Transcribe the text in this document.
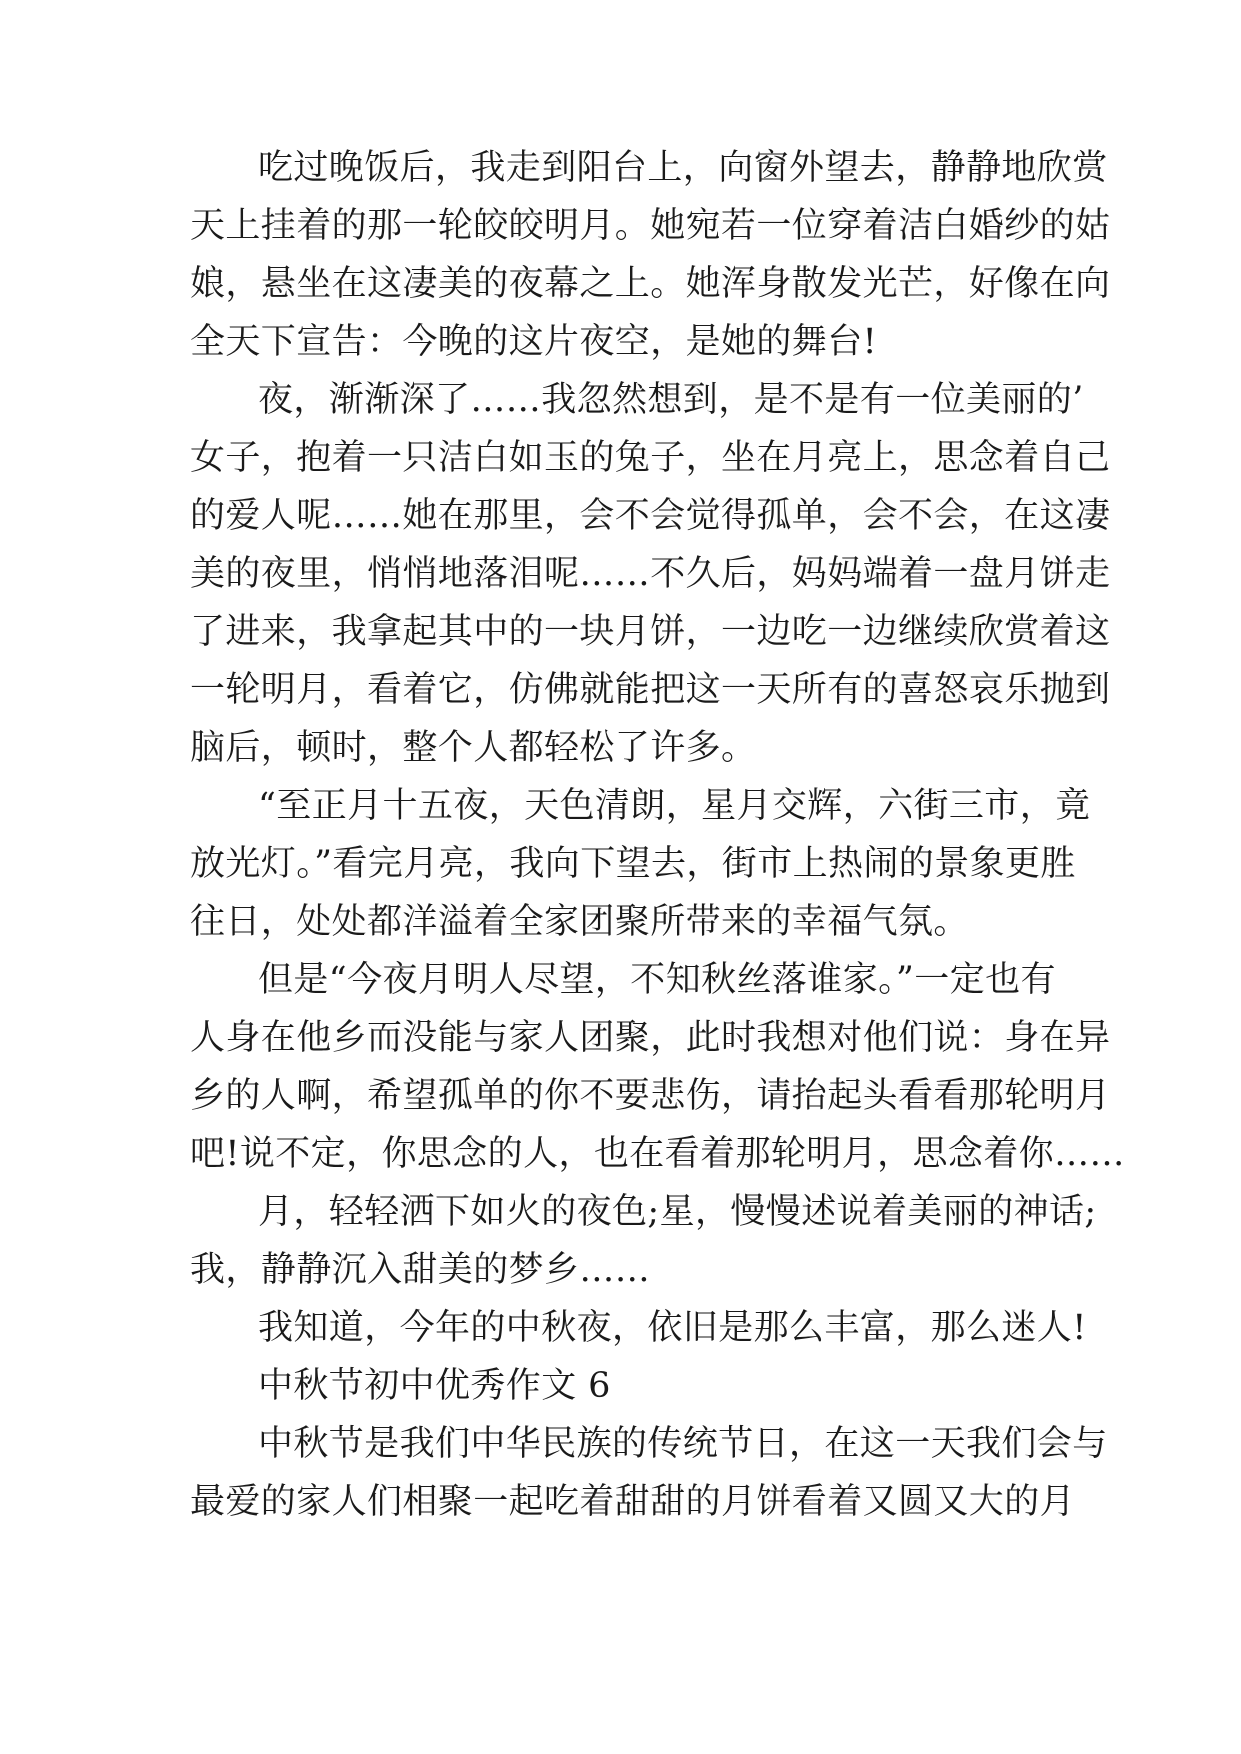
吃过晚饭后，我走到阳台上，向窗外望去，静静地欣赏
天上挂着的那一轮皎皎明月。她宛若一位穿着洁白婚纱的姑
娘，悬坐在这凄美的夜幕之上。她浑身散发光芒，好像在向
全天下宣告：今晚的这片夜空，是她的舞台!
夜，渐渐深了……我忽然想到，是不是有一位美丽的’
女子，抱着一只洁白如玉的兔子，坐在月亮上，思念着自己
的爱人呢……她在那里，会不会觉得孤单，会不会，在这凄
美的夜里，悄悄地落泪呢……不久后，妈妈端着一盘月饼走
了进来，我拿起其中的一块月饼，一边吃一边继续欣赏着这
一轮明月，看着它，仿佛就能把这一天所有的喜怒哀乐抛到
脑后，顿时，整个人都轻松了许多。
“至正月十五夜，天色清朗，星月交辉，六街三市，竟
放光灯。”看完月亮，我向下望去，街市上热闹的景象更胜
往日，处处都洋溢着全家团聚所带来的幸福气氛。
但是“今夜月明人尽望，不知秋丝落谁家。”一定也有
人身在他乡而没能与家人团聚，此时我想对他们说：身在异
乡的人啊，希望孤单的你不要悲伤，请抬起头看看那轮明月
吧!说不定，你思念的人，也在看着那轮明月，思念着你……
月，轻轻洒下如火的夜色;星，慢慢述说着美丽的神话;
我，静静沉入甜美的梦乡……
我知道，今年的中秋夜，依旧是那么丰富，那么迷人!
中秋节初中优秀作文 6
中秋节是我们中华民族的传统节日，在这一天我们会与
最爱的家人们相聚一起吃着甜甜的月饼看着又圆又大的月
